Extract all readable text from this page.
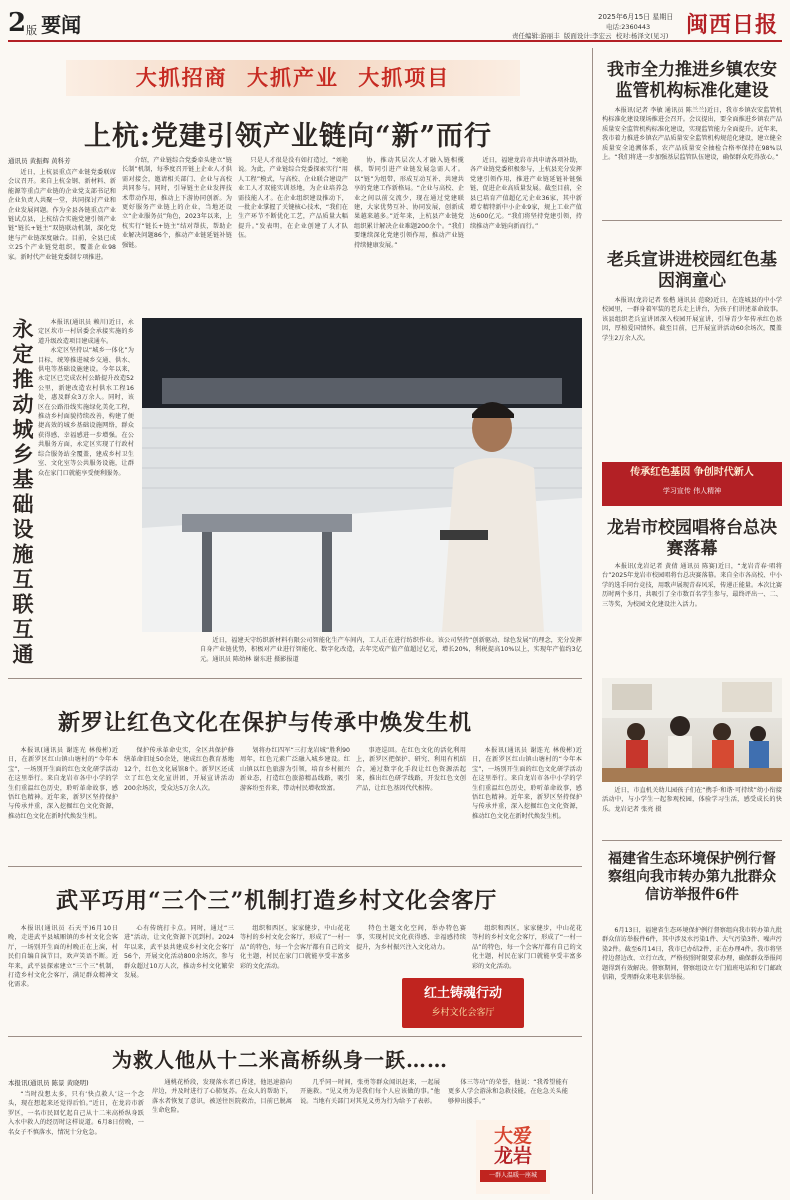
2版 要闻	2025年6月15日 星期日
电话:2360443
责任编辑:游丽丰 版面设计:李宏云 校对:杨泽文(见习) 闽西日报
大抓招商 大抓产业 大抓项目
上杭:党建引领产业链向“新”而行
通讯员 黄振辉 黄科芳

近日，上杭县重点产业链党委联席会议召开。来自上杭金钢、新材料、新能源等重点产业链的企业党支部书记和企业负责人共聚一堂，共同探讨产业和企业发展问题。作为全县各链重点产业链试点县，上杭结合实施党建引领产业链“链长+链主”双链联动机制，深化党建与产业链深度融合。目前，全县已成立25个产业链党组织，覆盖企业98家。新时代产业链党委制专项推进。

介绍，产业链综合党委牵头建立“链长制”机制，每季度召开链上企业人才供需对接会，邀请相关部门、企业与高校共同参与。同时，引导链主企业发挥技术带动作用，推动上下游协同创新。为更好服务产业链上的企业，当地还设立“企业服务员”角色，2023年以来，上杭实行“链长+链主”结对帮扶，帮助企业解决问题86个，推动产业链延链补链强链。

只是人才很是没有如打造过，“刘艳说。为此，产业链综合党委探索实行“用人工程”模式，与高校、企业联合建设产业工人才双能实训基地，为企业培养急需技能人才。在企业组织建设推动下，一批企业掌握了关键核心技术，“我们在生产环节不断优化工艺，产品质量大幅提升。”发表明，在企业创建了人才队伍。

协，推动其层次人才融入链相揽棋，帮同引进产业链发展急需人才。以“链”为纽带，形成互动互补、共建共享的党建工作新格局。“企业与高校、企业之间以前交流少，现在通过党建联建，大家优势互补、协同发展，创新成果越来越多。”近年来，上杭县产业链党组织累计解决企业难题200余个。“我们要继续深化党建引领作用，推动产业链持续健康发展。”

近日，福建龙岩市共申请各项补助，各产业链党委积极参与，上杭县充分发挥党建引领作用，推进产业链延链补链强链，促进企业高质量发展。截至目前，全县已培育产值超亿元企业36家，其中新增专精特新中小企业9家，规上工业产值达600亿元。“我们将坚持党建引领，持续推动产业链向新而行。”

永定推动城乡基础设施互联互通	本报讯(通讯员 赖川)近日，永定区坎市一村居委会承接实施的乡道升级改造项目建成通车。

永定区坚持以“城乡一体化”为目标，统筹推进城乡交通、供水、供电等基础设施建设。今年以来，永定区已完成农村公路提升改造52公里，新建改造农村供水工程16处，惠及群众3万余人。同时，该区在公路沿线实施绿化美化工程，推动乡村面貌持续改善，构建了便捷高效的城乡基础设施网络，群众获得感、幸福感进一步增强。在公共服务方面，永定区实现了行政村综合服务站全覆盖，建成乡村卫生室、文化室等公共服务设施，让群众在家门口就能享受便利服务。

近日，福建天守纺织新材料有限公司智能化生产车间内，工人正在进行纺织作业。该公司坚持“创新驱动、绿色发展”的理念，充分发挥自身产业链优势，积极对产业进行智能化、数字化改造，去年完成产值产值超过亿元，增长20%，利税提高10%以上，实现年产值约3亿元。通讯员 陈幼林 谢东进 摄影报道
新罗让红色文化在保护与传承中焕发生机

本报讯(通讯员 谢连光 林俊彬)近日，在新罗区红山镇山塘村的“今年本宝”，一场别开生面的红色文化研学活动在这里举行。来自龙岩市各中小学的学生们重温红色历史，聆听革命故事，感悟红色精神。近年来，新罗区坚持保护与传承并重，深入挖掘红色文化资源，推动红色文化在新时代焕发生机。

保护传承革命史实，全区共保护修缮革命旧址50余处，建成红色教育基地12个，红色文化展馆8个。新罗区还成立了红色文化宣讲团，开展宣讲活动200余场次，受众达5万余人次。

划将办红四军“三打龙岩城”胜利90周年，红色元素广泛融入城乡建设。红山镇以红色旅游为引领，培育乡村振兴新业态，打造红色旅游精品线路，吸引游客纷至沓来，带动村民增收致富。

事迹巡回。在红色文化的活化利用上，新罗区把保护、研究、利用有机结合，通过数字化手段让红色资源活起来，推出红色研学线路，开发红色文创产品，让红色基因代代相传。

本报讯(通讯员 谢连光 林俊彬)近日，在新罗区红山镇山塘村的“今年本宝”，一场别开生面的红色文化研学活动在这里举行。来自龙岩市各中小学的学生们重温红色历史，聆听革命故事，感悟红色精神。近年来，新罗区坚持保护与传承并重，深入挖掘红色文化资源，推动红色文化在新时代焕发生机。

武平巧用“三个三”机制打造乡村文化会客厅

本报讯(通讯员 石天平)6月10日晚，走进武平县城厢镇的乡村文化会客厅，一场别开生面的村晚正在上演，村民们自编自演节目，欢声笑语不断。近年来，武平县探索建立“三个三”机制，打造乡村文化会客厅，满足群众精神文化需求。

心有传统打卡点。同时，通过“三进”活动，让文化资源下沉到村。2024年以来，武平县共建成乡村文化会客厅56个，开展文化活动800余场次，参与群众超过10万人次，推动乡村文化繁荣发展。

组织和西区，家家健步，中山花花等村的乡村文化会客厅，形成了“一村一品”的特色，每一个会客厅都有自己的文化主题，村民在家门口就能享受丰富多彩的文化活动。

特色主题文化空间，举办特色赛事，实现村民文化获得感、幸福感持续提升，为乡村振兴注入文化动力。

组织和西区，家家健步，中山花花等村的乡村文化会客厅，形成了“一村一品”的特色，每一个会客厅都有自己的文化主题，村民在家门口就能享受丰富多彩的文化活动。

红土铸魂行动
乡村文化会客厅
为救人他从十二米高桥纵身一跃……
本报讯(通讯员 陈景 黄晓明)

“当时没想太多，只有‘快点救人’这一个念头，现在想起来还觉得后怕。”近日，在龙岩市新罗区，一名市民回忆起自己从十二米高桥纵身跃入水中救人的经历时这样说道。6月8日傍晚，一名女子不慎落水，情况十分危急。

通桃花桥段，发现落水者已昏迷，他迅速游向岸边，并及时进行了心肺复苏。在众人的帮助下，落水者恢复了意识，被送往医院救治，目前已脱离生命危险。

几乎同一时间，张勇等群众闻讯赶来，一起展开施救。“见义勇为是我们每个人应该做的事。”他说。当地有关部门对其见义勇为行为给予了表彰。

体三等功”的荣誉，他说：“我希望能有更多人学会游泳和急救技能，在危急关头能够伸出援手。”

我市全力推进乡镇农安监管机构标准化建设

本报讯(记者 李敏 通讯员 陈兰兰)近日，我市乡镇农安监管机构标准化建设现场推进会召开。会议提出，要全面推进乡镇农产品质量安全监管机构标准化建设，实现监管能力全面提升。近年来，我市着力推进乡镇农产品质量安全监管机构规范化建设，建立健全质量安全追溯体系，农产品质量安全抽检合格率保持在98%以上。“我们将进一步加强基层监管队伍建设，确保群众吃得放心。”

老兵宣讲进校园红色基因润童心

本报讯(龙岩记者 张楷 通讯员 范晓)近日，在连城县的中小学校园里，一群身着军装的老兵走上讲台，为孩子们讲述革命故事。该县组织老兵宣讲团深入校园开展宣讲，引导青少年传承红色基因，厚植爱国情怀。截至目前，已开展宣讲活动60余场次，覆盖学生2万余人次。

传承红色基因 争创时代新人
学习宣传 伟人精神
龙岩市校园唱将台总决赛落幕

本报讯(龙岩记者 黄倩 通讯员 陈赛)近日，“龙岩青春·唱将台”2025年龙岩市校园唱将台总决赛落幕。来自全市各高校、中小学的选手同台竞技，用歌声展现青春风采，传递正能量。本次比赛历时两个多月，共吸引了全市数百名学生参与，最终评出一、二、三等奖，为校园文化建设注入活力。

近日，市直机关幼儿园孩子们在“携手·和谐·可持续”幼小衔接活动中，与小学生一起参观校园，体验学习生活，感受成长的快乐。龙岩记者 张亮 摄

福建省生态环境保护例行督察组向我市转办第九批群众信访举报件6件

6月13日，福建省生态环境保护例行督察组向我市转办第九批群众信访举报件6件，其中涉及水污染1件、大气污染3件、噪声污染2件。截至6月14日，我市已办结2件，正在办理4件。我市将坚持边督边改、立行立改，严格按照时限要求办理，确保群众举报问题得到有效解决。督察期间，督察组设立专门值班电话和专门邮政信箱，受理群众来电来信举报。

大爱
龙岩
一群人温暖一座城
